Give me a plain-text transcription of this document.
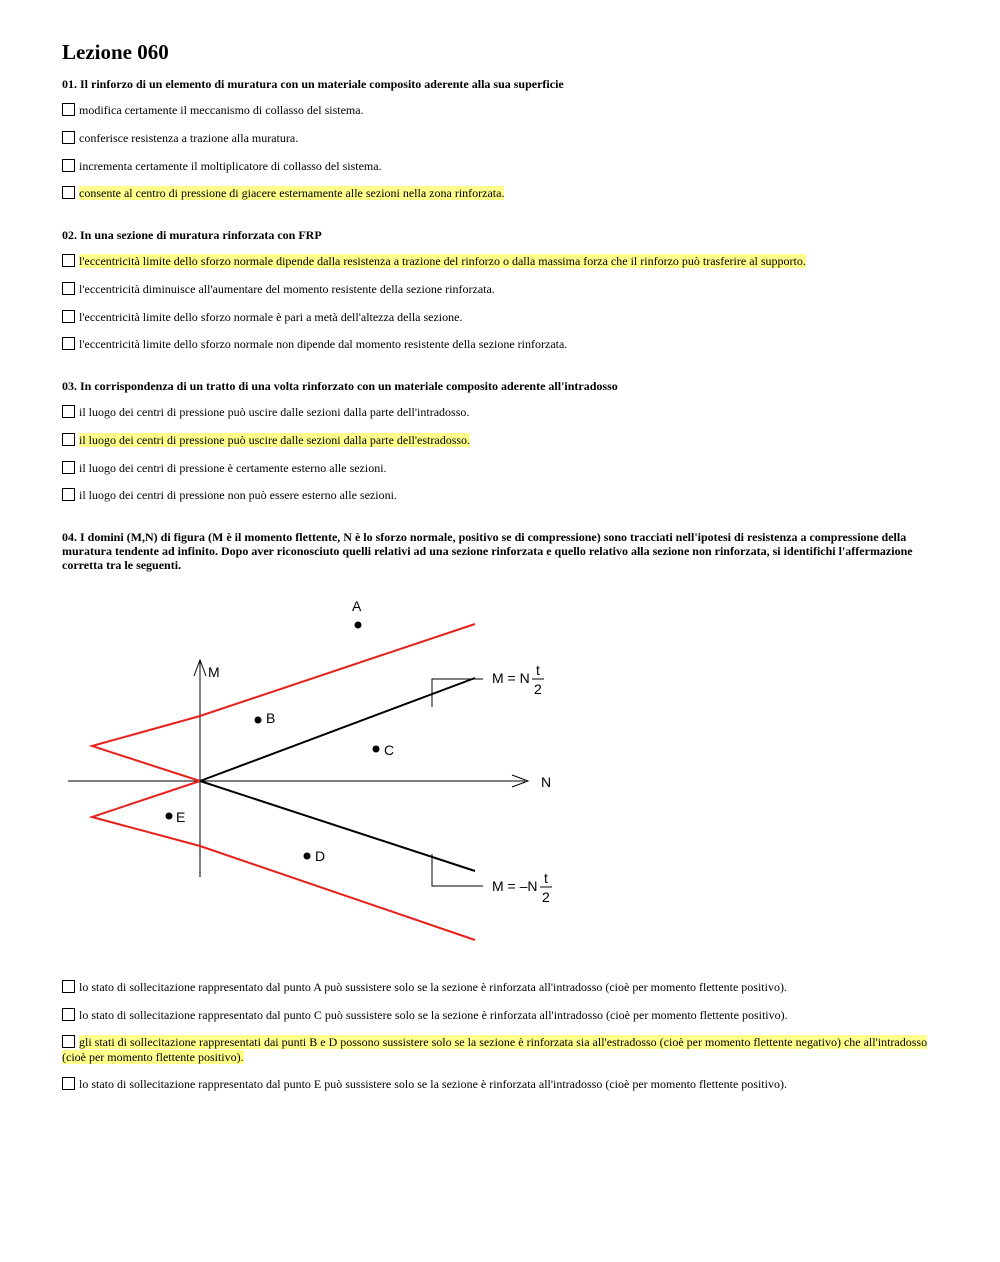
Lezione 060
01. Il rinforzo di un elemento di muratura con un materiale composito aderente alla sua superficie
modifica certamente il meccanismo di collasso del sistema.
conferisce resistenza a trazione alla muratura.
incrementa certamente il moltiplicatore di collasso del sistema.
consente al centro di pressione di giacere esternamente alle sezioni nella zona rinforzata.
02. In una sezione di muratura rinforzata con FRP
l'eccentricità limite dello sforzo normale dipende dalla resistenza a trazione del rinforzo o dalla massima forza che il rinforzo può trasferire al supporto.
l'eccentricità diminuisce all'aumentare del momento resistente della sezione rinforzata.
l'eccentricità limite dello sforzo normale è pari a metà dell'altezza della sezione.
l'eccentricità limite dello sforzo normale non dipende dal momento resistente della sezione rinforzata.
03. In corrispondenza di un tratto di una volta rinforzato con un materiale composito aderente all'intradosso
il luogo dei centri di pressione può uscire dalle sezioni dalla parte dell'intradosso.
il luogo dei centri di pressione può uscire dalle sezioni dalla parte dell'estradosso.
il luogo dei centri di pressione è certamente esterno alle sezioni.
il luogo dei centri di pressione non può essere esterno alle sezioni.
04. I domini (M,N) di figura (M è il momento flettente, N è lo sforzo normale, positivo se di compressione) sono tracciati nell'ipotesi di resistenza a compressione della muratura tendente ad infinito. Dopo aver riconosciuto quelli relativi ad una sezione rinforzata e quello relativo alla sezione non rinforzata, si identifichi l'affermazione corretta tra le seguenti.
N
M	M = N t
2
M = –N t
2
A
B
C
D
E
lo stato di sollecitazione rappresentato dal punto A può sussistere solo se la sezione è rinforzata all'intradosso (cioè per momento flettente positivo).
lo stato di sollecitazione rappresentato dal punto C può sussistere solo se la sezione è rinforzata all'intradosso (cioè per momento flettente positivo).
gli stati di sollecitazione rappresentati dai punti B e D possono sussistere solo se la sezione è rinforzata sia all'estradosso (cioè per momento flettente negativo) che all'intradosso (cioè per momento flettente positivo).
lo stato di sollecitazione rappresentato dal punto E può sussistere solo se la sezione è rinforzata all'intradosso (cioè per momento flettente positivo).
